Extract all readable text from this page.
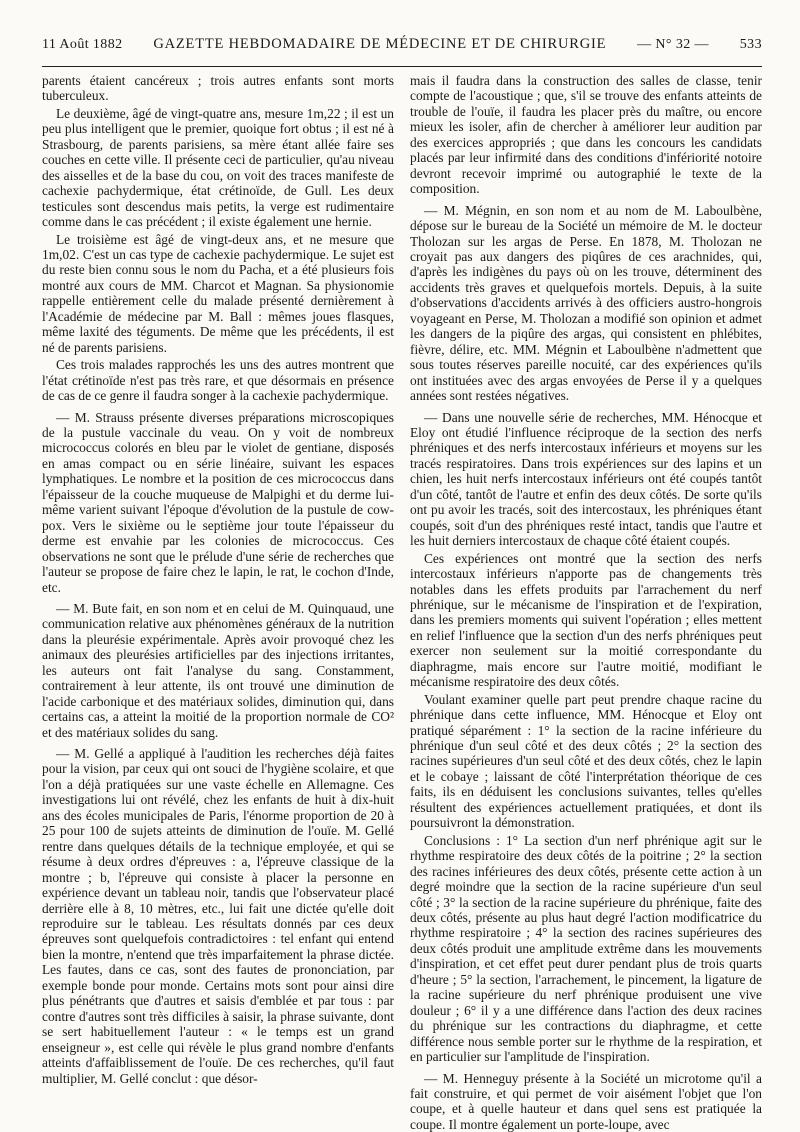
11 Août 1882 GAZETTE HEBDOMADAIRE DE MÉDECINE ET DE CHIRURGIE — N° 32 — 533

parents étaient cancéreux ; trois autres enfants sont morts tuberculeux.

Le deuxième, âgé de vingt-quatre ans, mesure 1m,22 ; il est un peu plus intelligent que le premier, quoique fort obtus ; il est né à Strasbourg, de parents parisiens, sa mère étant allée faire ses couches en cette ville. Il présente ceci de particulier, qu'au niveau des aisselles et de la base du cou, on voit des traces manifeste de cachexie pachydermique, état crétinoïde, de Gull. Les deux testicules sont descendus mais petits, la verge est rudimentaire comme dans le cas précédent ; il existe également une hernie.

Le troisième est âgé de vingt-deux ans, et ne mesure que 1m,02. C'est un cas type de cachexie pachydermique. Le sujet est du reste bien connu sous le nom du Pacha, et a été plusieurs fois montré aux cours de MM. Charcot et Magnan. Sa physionomie rappelle entièrement celle du malade présenté dernièrement à l'Académie de médecine par M. Ball : mêmes joues flasques, même laxité des téguments. De même que les précédents, il est né de parents parisiens.

Ces trois malades rapprochés les uns des autres montrent que l'état crétinoïde n'est pas très rare, et que désormais en présence de cas de ce genre il faudra songer à la cachexie pachydermique.

— M. Strauss présente diverses préparations microscopiques de la pustule vaccinale du veau. On y voit de nombreux micrococcus colorés en bleu par le violet de gentiane, disposés en amas compact ou en série linéaire, suivant les espaces lymphatiques. Le nombre et la position de ces micrococcus dans l'épaisseur de la couche muqueuse de Malpighi et du derme lui-même varient suivant l'époque d'évolution de la pustule de cow-pox. Vers le sixième ou le septième jour toute l'épaisseur du derme est envahie par les colonies de micrococcus. Ces observations ne sont que le prélude d'une série de recherches que l'auteur se propose de faire chez le lapin, le rat, le cochon d'Inde, etc.

— M. Bute fait, en son nom et en celui de M. Quinquaud, une communication relative aux phénomènes généraux de la nutrition dans la pleurésie expérimentale. Après avoir provoqué chez les animaux des pleurésies artificielles par des injections irritantes, les auteurs ont fait l'analyse du sang. Constamment, contrairement à leur attente, ils ont trouvé une diminution de l'acide carbonique et des matériaux solides, diminution qui, dans certains cas, a atteint la moitié de la proportion normale de CO² et des matériaux solides du sang.

— M. Gellé a appliqué à l'audition les recherches déjà faites pour la vision, par ceux qui ont souci de l'hygiène scolaire, et que l'on a déjà pratiquées sur une vaste échelle en Allemagne. Ces investigations lui ont révélé, chez les enfants de huit à dix-huit ans des écoles municipales de Paris, l'énorme proportion de 20 à 25 pour 100 de sujets atteints de diminution de l'ouïe. M. Gellé rentre dans quelques détails de la technique employée, et qui se résume à deux ordres d'épreuves : a, l'épreuve classique de la montre ; b, l'épreuve qui consiste à placer la personne en expérience devant un tableau noir, tandis que l'observateur placé derrière elle à 8, 10 mètres, etc., lui fait une dictée qu'elle doit reproduire sur le tableau. Les résultats donnés par ces deux épreuves sont quelquefois contradictoires : tel enfant qui entend bien la montre, n'entend que très imparfaitement la phrase dictée. Les fautes, dans ce cas, sont des fautes de prononciation, par exemple bonde pour monde. Certains mots sont pour ainsi dire plus pénétrants que d'autres et saisis d'emblée et par tous : par contre d'autres sont très difficiles à saisir, la phrase suivante, dont se sert habituellement l'auteur : « le temps est un grand enseigneur », est celle qui révèle le plus grand nombre d'enfants atteints d'affaiblissement de l'ouïe. De ces recherches, qu'il faut multiplier, M. Gellé conclut : que désor-

mais il faudra dans la construction des salles de classe, tenir compte de l'acoustique ; que, s'il se trouve des enfants atteints de trouble de l'ouïe, il faudra les placer près du maître, ou encore mieux les isoler, afin de chercher à améliorer leur audition par des exercices appropriés ; que dans les concours les candidats placés par leur infirmité dans des conditions d'infériorité notoire devront recevoir imprimé ou autographié le texte de la composition.

— M. Mégnin, en son nom et au nom de M. Laboulbène, dépose sur le bureau de la Société un mémoire de M. le docteur Tholozan sur les argas de Perse. En 1878, M. Tholozan ne croyait pas aux dangers des piqûres de ces arachnides, qui, d'après les indigènes du pays où on les trouve, déterminent des accidents très graves et quelquefois mortels. Depuis, à la suite d'observations d'accidents arrivés à des officiers austro-hongrois voyageant en Perse, M. Tholozan a modifié son opinion et admet les dangers de la piqûre des argas, qui consistent en phlébites, fièvre, délire, etc. MM. Mégnin et Laboulbène n'admettent que sous toutes réserves pareille nocuité, car des expériences qu'ils ont instituées avec des argas envoyées de Perse il y a quelques années sont restées négatives.

— Dans une nouvelle série de recherches, MM. Hénocque et Eloy ont étudié l'influence réciproque de la section des nerfs phréniques et des nerfs intercostaux inférieurs et moyens sur les tracés respiratoires. Dans trois expériences sur des lapins et un chien, les huit nerfs intercostaux inférieurs ont été coupés tantôt d'un côté, tantôt de l'autre et enfin des deux côtés. De sorte qu'ils ont pu avoir les tracés, soit des intercostaux, les phréniques étant coupés, soit d'un des phréniques resté intact, tandis que l'autre et les huit derniers intercostaux de chaque côté étaient coupés.

Ces expériences ont montré que la section des nerfs intercostaux inférieurs n'apporte pas de changements très notables dans les effets produits par l'arrachement du nerf phrénique, sur le mécanisme de l'inspiration et de l'expiration, dans les premiers moments qui suivent l'opération ; elles mettent en relief l'influence que la section d'un des nerfs phréniques peut exercer non seulement sur la moitié correspondante du diaphragme, mais encore sur l'autre moitié, modifiant le mécanisme respiratoire des deux côtés.

Voulant examiner quelle part peut prendre chaque racine du phrénique dans cette influence, MM. Hénocque et Eloy ont pratiqué séparément : 1° la section de la racine inférieure du phrénique d'un seul côté et des deux côtés ; 2° la section des racines supérieures d'un seul côté et des deux côtés, chez le lapin et le cobaye ; laissant de côté l'interprétation théorique de ces faits, ils en déduisent les conclusions suivantes, telles qu'elles résultent des expériences actuellement pratiquées, et dont ils poursuivront la démonstration.

Conclusions : 1° La section d'un nerf phrénique agit sur le rhythme respiratoire des deux côtés de la poitrine ; 2° la section des racines inférieures des deux côtés, présente cette action à un degré moindre que la section de la racine supérieure d'un seul côté ; 3° la section de la racine supérieure du phrénique, faite des deux côtés, présente au plus haut degré l'action modificatrice du rhythme respiratoire ; 4° la section des racines supérieures des deux côtés produit une amplitude extrême dans les mouvements d'inspiration, et cet effet peut durer pendant plus de trois quarts d'heure ; 5° la section, l'arrachement, le pincement, la ligature de la racine supérieure du nerf phrénique produisent une vive douleur ; 6° il y a une différence dans l'action des deux racines du phrénique sur les contractions du diaphragme, et cette différence nous semble porter sur le rhythme de la respiration, et en particulier sur l'amplitude de l'inspiration.

— M. Henneguy présente à la Société un microtome qu'il a fait construire, et qui permet de voir aisément l'objet que l'on coupe, et à quelle hauteur et dans quel sens est pratiquée la coupe. Il montre également un porte-loupe, avec
